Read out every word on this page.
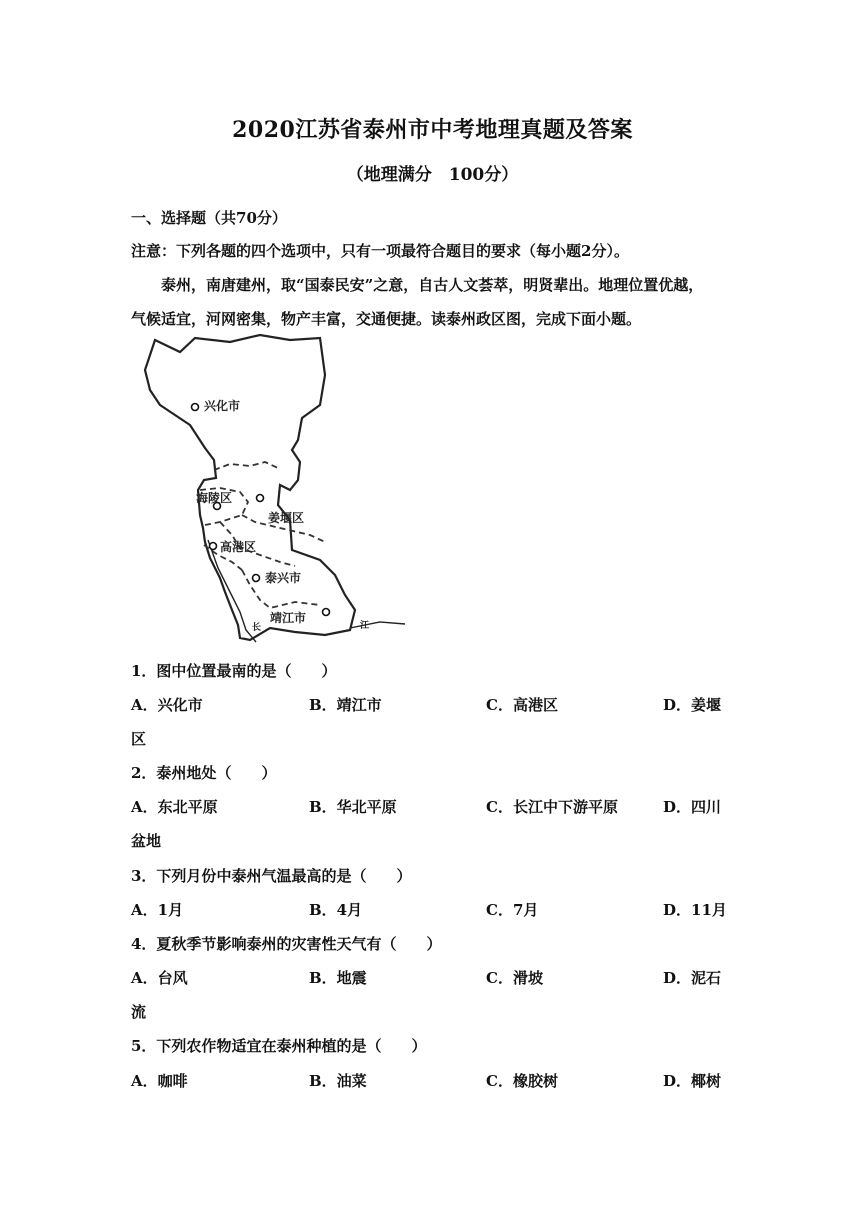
2020江苏省泰州市中考地理真题及答案
（地理满分　100分）
一、选择题（共70分）
注意：下列各题的四个选项中，只有一项最符合题目的要求（每小题2分）。
泰州，南唐建州，取“国泰民安”之意，自古人文荟萃，明贤辈出。地理位置优越，
气候适宜，河网密集，物产丰富，交通便捷。读泰州政区图，完成下面小题。
兴化市
海陵区
姜堰区
高港区
泰兴市
靖江市
长	江
1．图中位置最南的是（　　）
A．兴化市	B．靖江市	C．高港区	D．姜堰
区
2．泰州地处（　　）
A．东北平原	B．华北平原	C．长江中下游平原	D．四川
盆地
3．下列月份中泰州气温最高的是（　　）
A．1月	B．4月	C．7月	D．11月
4．夏秋季节影响泰州的灾害性天气有（　　）
A．台风	B．地震	C．滑坡	D．泥石
流
5．下列农作物适宜在泰州种植的是（　　）
A．咖啡	B．油菜	C．橡胶树	D．椰树
